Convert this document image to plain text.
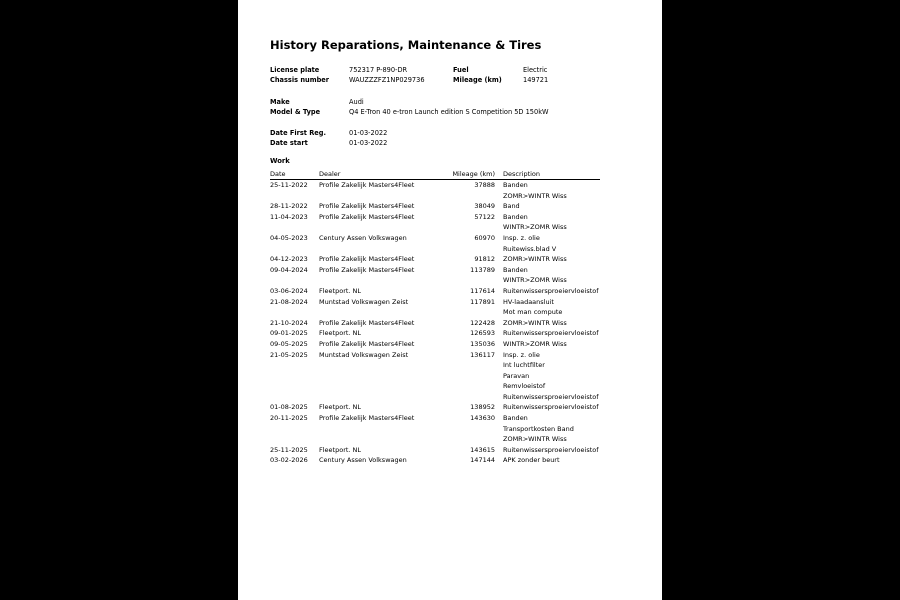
History Reparations, Maintenance & Tires
License plate	752317 P-890-DR	Fuel	Electric
Chassis number	WAUZZZFZ1NP029736	Mileage (km)	149721
Make	Audi
Model & Type	Q4 E-Tron 40 e-tron Launch edition S Competition 5D 150kW
Date First Reg.	01-03-2022
Date start	01-03-2022
Work
Date	Dealer	Mileage (km) Description
25-11-2022 Profile Zakelijk Masters4Fleet	37888 Banden
ZOMR>WINTR Wiss
28-11-2022 Profile Zakelijk Masters4Fleet	38049 Band
11-04-2023 Profile Zakelijk Masters4Fleet	57122 Banden
WINTR>ZOMR Wiss
04-05-2023 Century Assen Volkswagen	60970 Insp. z. olie
Ruitewiss.blad V
04-12-2023 Profile Zakelijk Masters4Fleet	91812 ZOMR>WINTR Wiss
09-04-2024 Profile Zakelijk Masters4Fleet	113789 Banden
WINTR>ZOMR Wiss
03-06-2024 Fleetport. NL	117614 Ruitenwissersproeiervloeistof
21-08-2024 Muntstad Volkswagen Zeist	117891 HV-laadaansluit
Mot man compute
21-10-2024 Profile Zakelijk Masters4Fleet	122428 ZOMR>WINTR Wiss
09-01-2025 Fleetport. NL	126593 Ruitenwissersproeiervloeistof
09-05-2025 Profile Zakelijk Masters4Fleet	135036 WINTR>ZOMR Wiss
21-05-2025 Muntstad Volkswagen Zeist	136117 Insp. z. olie
Int luchtfilter
Paravan
Remvloeistof
Ruitenwissersproeiervloeistof
01-08-2025 Fleetport. NL	138952 Ruitenwissersproeiervloeistof
20-11-2025 Profile Zakelijk Masters4Fleet	143630 Banden
Transportkosten Band
ZOMR>WINTR Wiss
25-11-2025 Fleetport. NL	143615 Ruitenwissersproeiervloeistof
03-02-2026 Century Assen Volkswagen	147144 APK zonder beurt
